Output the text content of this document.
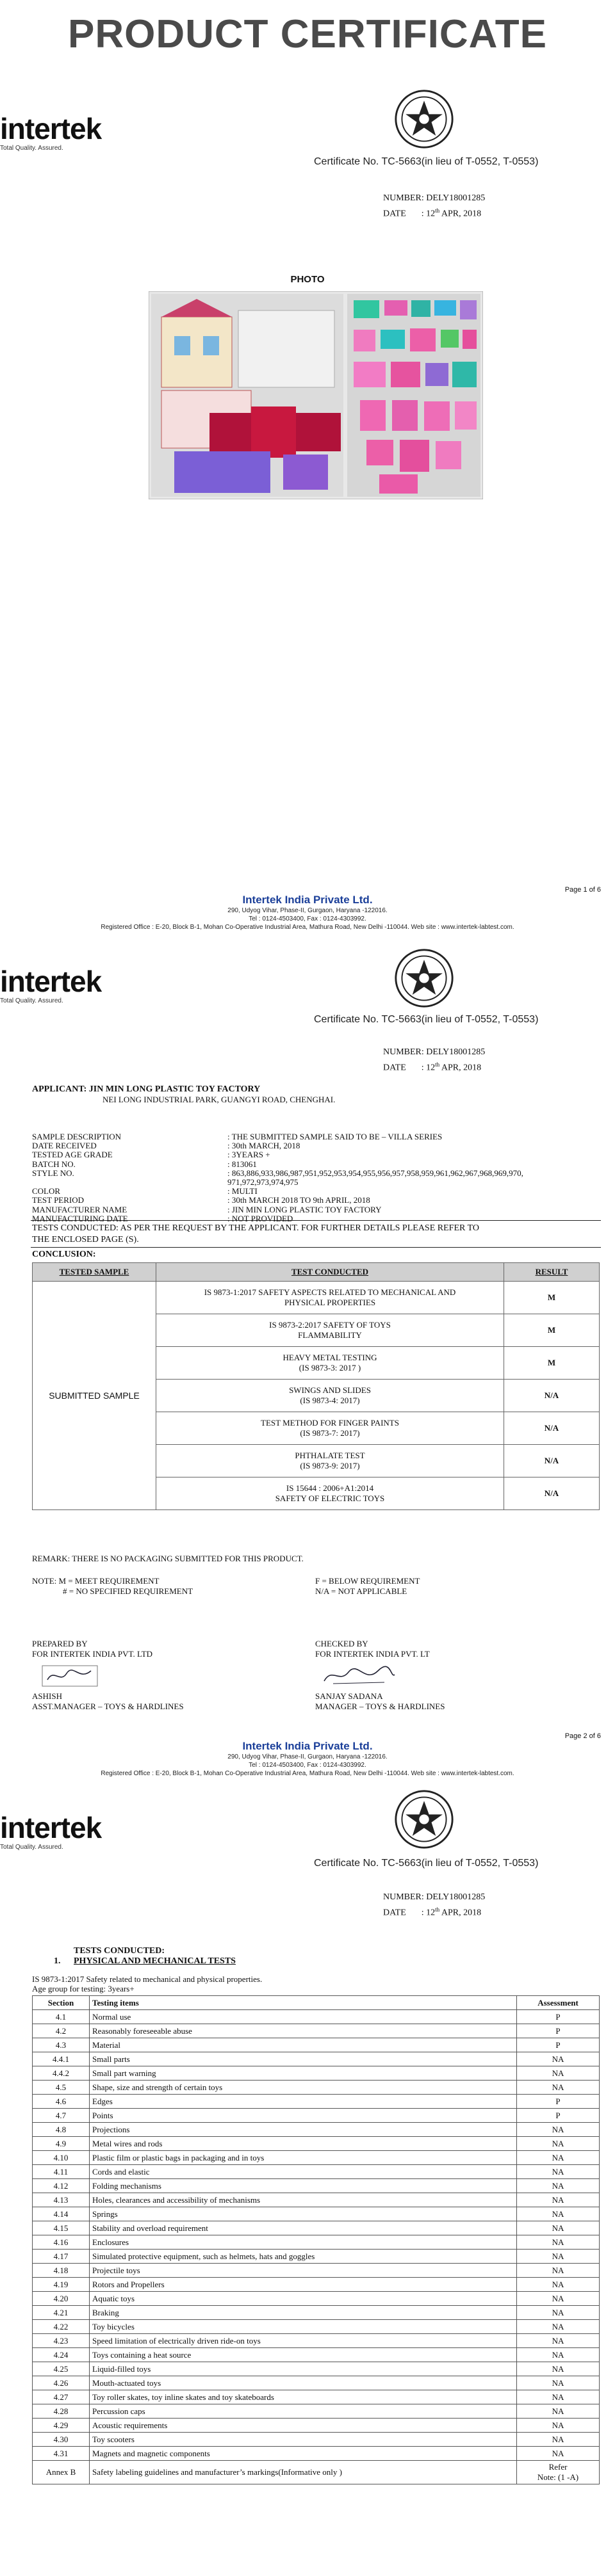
PRODUCT CERTIFICATE
intertek
Total Quality. Assured.
Certificate No. TC-5663(in lieu of T-0552, T-0553)
NUMBER: DELY18001285
DATE : 12th APR, 2018
PHOTO
Page 1 of 6
Intertek India Private Ltd.
290, Udyog Vihar, Phase-II, Gurgaon, Haryana -122016.
Tel : 0124-4503400, Fax : 0124-4303992.
Registered Office : E-20, Block B-1, Mohan Co-Operative Industrial Area, Mathura Road, New Delhi -110044. Web site : www.intertek-labtest.com.
intertek
Total Quality. Assured.
Certificate No. TC-5663(in lieu of T-0552, T-0553)
NUMBER: DELY18001285
DATE : 12th APR, 2018
APPLICANT: JIN MIN LONG PLASTIC TOY FACTORY
NEI LONG INDUSTRIAL PARK, GUANGYI ROAD, CHENGHAI.
SAMPLE DESCRIPTION	: THE SUBMITTED SAMPLE SAID TO BE – VILLA SERIES
DATE RECEIVED	: 30th MARCH, 2018
TESTED AGE GRADE	: 3YEARS +
BATCH NO.	: 813061
STYLE NO.	: 863,886,933,986,987,951,952,953,954,955,956,957,958,959,961,962,967,968,969,970,
971,972,973,974,975
COLOR	: MULTI
TEST PERIOD	: 30th MARCH 2018 TO 9th APRIL, 2018
MANUFACTURER NAME	: JIN MIN LONG PLASTIC TOY FACTORY
MANUFACTURING DATE	: NOT PROVIDED
TESTS CONDUCTED: AS PER THE REQUEST BY THE APPLICANT. FOR FURTHER DETAILS PLEASE REFER TO
THE ENCLOSED PAGE (S).
CONCLUSION:
TESTED SAMPLE	TEST CONDUCTED	RESULT
SUBMITTED SAMPLE	IS 9873-1:2017 SAFETY ASPECTS RELATED TO MECHANICAL AND
PHYSICAL PROPERTIES	M

	IS 9873-2:2017 SAFETY OF TOYS
FLAMMABILITY	M

	HEAVY METAL TESTING
(IS 9873-3: 2017 )	M

	SWINGS AND SLIDES
(IS 9873-4: 2017)	N/A

	TEST METHOD FOR FINGER PAINTS
(IS 9873-7: 2017)	N/A

	PHTHALATE TEST
(IS 9873-9: 2017)	N/A

	IS 15644 : 2006+A1:2014
SAFETY OF ELECTRIC TOYS	N/A
REMARK: THERE IS NO PACKAGING SUBMITTED FOR THIS PRODUCT.
NOTE: M = MEET REQUIREMENT	F = BELOW REQUIREMENT
# = NO SPECIFIED REQUIREMENT	N/A = NOT APPLICABLE
PREPARED BY
FOR INTERTEK INDIA PVT. LTD
ASHISH
ASST.MANAGER – TOYS & HARDLINES
CHECKED BY
FOR INTERTEK INDIA PVT. LT
SANJAY SADANA
MANAGER – TOYS & HARDLINES
Page 2 of 6
Intertek India Private Ltd.
290, Udyog Vihar, Phase-II, Gurgaon, Haryana -122016.
Tel : 0124-4503400, Fax : 0124-4303992.
Registered Office : E-20, Block B-1, Mohan Co-Operative Industrial Area, Mathura Road, New Delhi -110044. Web site : www.intertek-labtest.com.
intertek
Total Quality. Assured.
Certificate No. TC-5663(in lieu of T-0552, T-0553)
NUMBER: DELY18001285
DATE : 12th APR, 2018
TESTS CONDUCTED:
1. PHYSICAL AND MECHANICAL TESTS
IS 9873-1:2017 Safety related to mechanical and physical properties.
Age group for testing: 3years+
Section	Testing items	Assessment
4.1	Normal use	P
4.2	Reasonably foreseeable abuse	P
4.3	Material	P
4.4.1	Small parts	NA
4.4.2	Small part warning	NA
4.5	Shape, size and strength of certain toys	NA
4.6	Edges	P
4.7	Points	P
4.8	Projections	NA
4.9	Metal wires and rods	NA
4.10	Plastic film or plastic bags in packaging and in toys	NA
4.11	Cords and elastic	NA
4.12	Folding mechanisms	NA
4.13	Holes, clearances and accessibility of mechanisms	NA
4.14	Springs	NA
4.15	Stability and overload requirement	NA
4.16	Enclosures	NA
4.17	Simulated protective equipment, such as helmets, hats and goggles	NA
4.18	Projectile toys	NA
4.19	Rotors and Propellers	NA
4.20	Aquatic toys	NA
4.21	Braking	NA
4.22	Toy bicycles	NA
4.23	Speed limitation of electrically driven ride-on toys	NA
4.24	Toys containing a heat source	NA
4.25	Liquid-filled toys	NA
4.26	Mouth-actuated toys	NA
4.27	Toy roller skates, toy inline skates and toy skateboards	NA
4.28	Percussion caps	NA
4.29	Acoustic requirements	NA
4.30	Toy scooters	NA
4.31	Magnets and magnetic components	NA
Annex B	Safety labeling guidelines and manufacturer’s markings(Informative only )	Refer
Note: (1 -A)
